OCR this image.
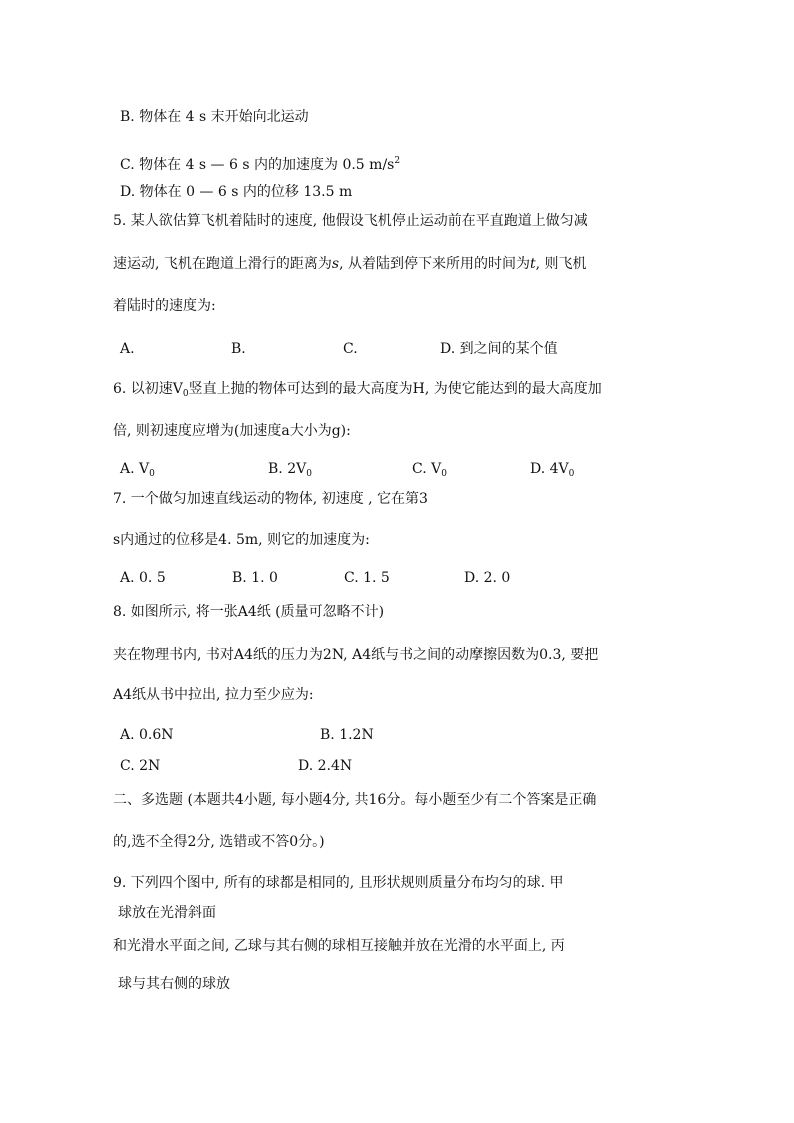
B. 物体在 4 s 末开始向北运动
C. 物体在 4 s — 6 s 内的加速度为 0.5 $m/s^2$
D. 物体在 0 — 6 s 内的位移 13.5 m
5. 某人欲估算飞机着陆时的速度, 他假设飞机停止运动前在平直跑道上做匀减
速运动, 飞机在跑道上滑行的距离为s, 从着陆到停下来所用的时间为t, 则飞机
着陆时的速度为:
A.	B.	C.	D. 到之间的某个值
6. 以初速$V_0$竖直上抛的物体可达到的最大高度为H, 为使它能达到的最大高度加
倍, 则初速度应增为(加速度a大小为g):
A. $V_0$	B. $2V_0$	C. $V_0$	D. $4V_0$
7. 一个做匀加速直线运动的物体, 初速度 , 它在第3
s内通过的位移是4. 5m, 则它的加速度为:
A. 0. 5	B. 1. 0	C. 1. 5	D. 2. 0
8. 如图所示, 将一张A4纸 (质量可忽略不计)
夹在物理书内, 书对A4纸的压力为2N, A4纸与书之间的动摩擦因数为0.3, 要把
A4纸从书中拉出, 拉力至少应为:
A. 0.6N	B. 1.2N
C. 2N	D. 2.4N
二、多选题 (本题共4小题, 每小题4分, 共16分。每小题至少有二个答案是正确
的,选不全得2分, 选错或不答0分。)
9. 下列四个图中, 所有的球都是相同的, 且形状规则质量分布均匀的球. 甲
球放在光滑斜面
和光滑水平面之间, 乙球与其右侧的球相互接触并放在光滑的水平面上, 丙
球与其右侧的球放
